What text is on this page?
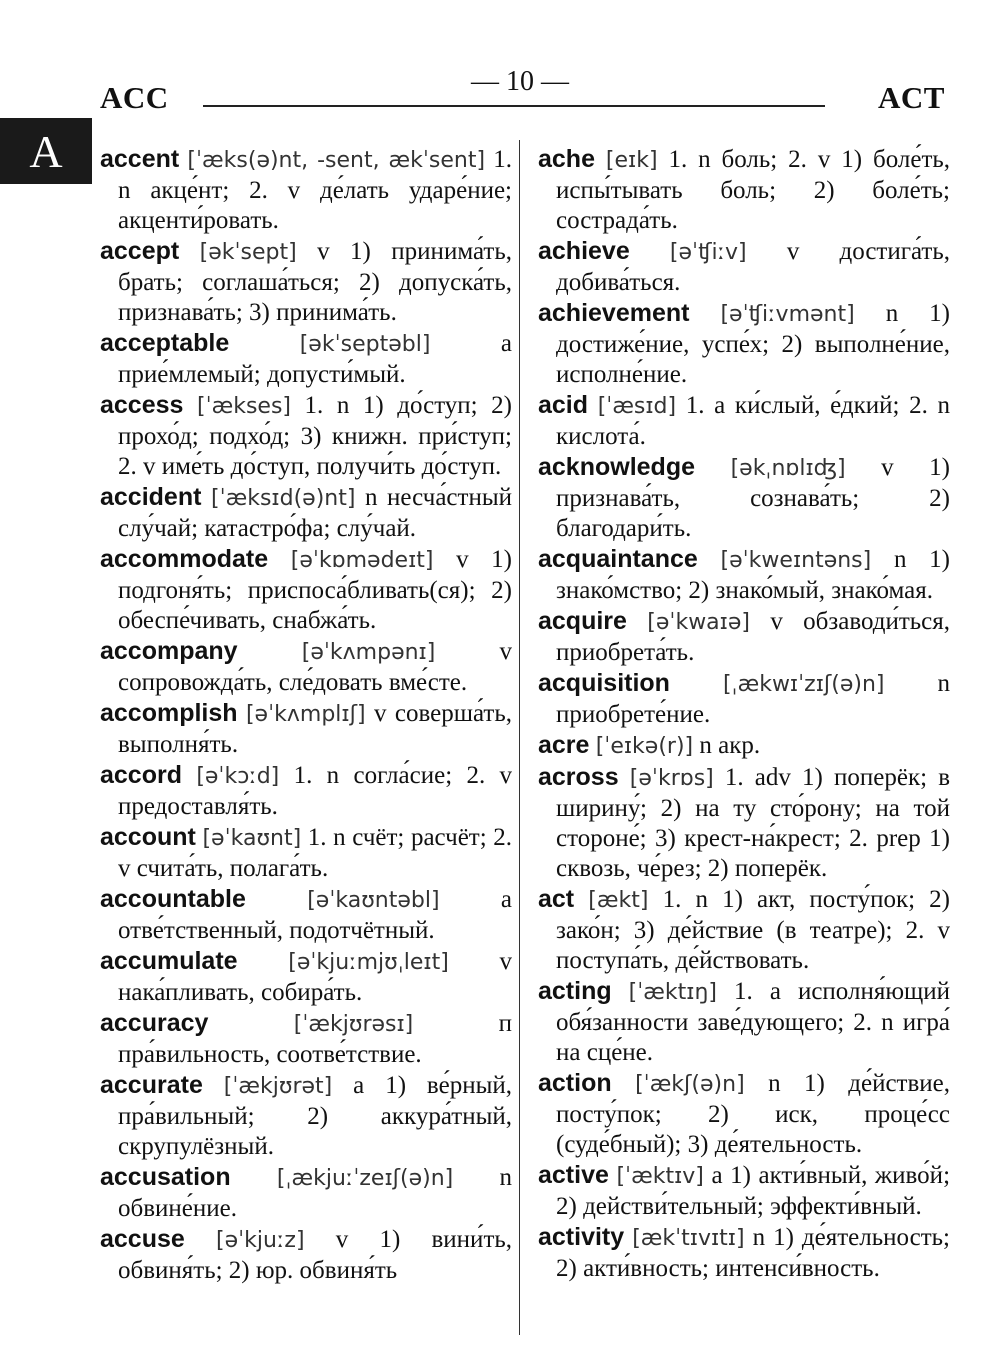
ACC	— 10 —	ACT
A accent [ˈæks(ə)nt, -sent, ækˈsent] 1. n акце́нт; 2. v де́лать ударе́ние; акценти́ровать.

accept [əkˈsept] v 1) принима́ть, брать; соглаша́ться; 2) допуска́ть, признава́ть; 3) принима́ть.

acceptable	[əkˈseptəbl]	a прие́млемый; допусти́мый.

access [ˈækses] 1. n 1) до́ступ; 2) прохо́д; подхо́д; 3) книжн. при́ступ; 2. v име́ть до́ступ, получи́ть до́ступ.

accident [ˈæksɪd(ə)nt] n несча́стный слу́чай; катастро́фа; слу́чай.

accommodate [əˈkɒmədeɪt] v 1) подгоня́ть; приспоса́бливать(ся); 2) обеспе́чивать, снабжа́ть.

accompany	[əˈkʌmpənɪ]	v сопровожда́ть, сле́довать вме́сте.

accomplish [əˈkʌmplɪʃ] v соверша́ть, выполня́ть.

accord [əˈkɔːd] 1. n согла́сие; 2. v предоставля́ть.

account [əˈkaʊnt] 1. n счёт; расчёт; 2. v счита́ть, полага́ть.

accountable	[əˈkaʊntəbl] a отве́тственный, подотчётный.

accumulate [əˈkjuːmjʊˌleɪt] v нака́пливать, собира́ть.

accuracy	[ˈækjʊrəsɪ]	п пра́вильность, соотве́тствие.

accurate [ˈækjʊrət] a 1) ве́рный, пра́вильный; 2) аккура́тный, скрупулёзный.

accusation [ˌækjuːˈzeɪʃ(ə)n] n обвине́ние.

accuse [əˈkjuːz] v 1) вини́ть, обвиня́ть; 2) юр. обвиня́ть

ache [eɪk] 1. n боль; 2. v 1) боле́ть, испы́тывать боль; 2) боле́ть; сострада́ть.

achieve [əˈʧiːv] v достига́ть, добива́ться.

achievement [əˈʧiːvmənt] n 1) достиже́ние, успе́х; 2) выполне́ние, исполне́ние.

acid [ˈæsɪd] 1. a ки́слый, е́дкий; 2. n кислота́.

acknowledge [əkˌnɒlɪʤ] v 1) признава́ть, сознава́ть; 2) благодари́ть.

acquaintance [əˈkweɪntəns] n 1) знако́мство; 2) знако́мый, знако́мая.

acquire [əˈkwaɪə] v обзаводи́ться, приобрета́ть.

acquisition [ˌækwɪˈzɪʃ(ə)n] n приобрете́ние.

acre [ˈeɪkə(r)] n акр.

across [əˈkrɒs] 1. adv 1) поперёк; в ширину́; 2) на ту сто́рону; на той стороне́; 3) крест-на́крест; 2. prep 1) сквозь, че́рез; 2) поперёк.

act [ækt] 1. n 1) акт, посту́пок; 2) зако́н; 3) де́йствие (в театре); 2. v поступа́ть, де́йствовать.

acting [ˈæktɪŋ] 1. a исполня́ющий обя́занности заве́дующего; 2. n игра́ на сце́не.

action [ˈækʃ(ə)n] n 1) де́йствие, посту́пок; 2) иск, проце́сс (суде́бный); 3) де́ятельность.

active [ˈæktɪv] a 1) акти́вный, живо́й; 2) действи́тельный; эффекти́вный.

activity [ækˈtɪvɪtɪ] n 1) де́ятельность; 2) акти́вность; интенси́вность.
